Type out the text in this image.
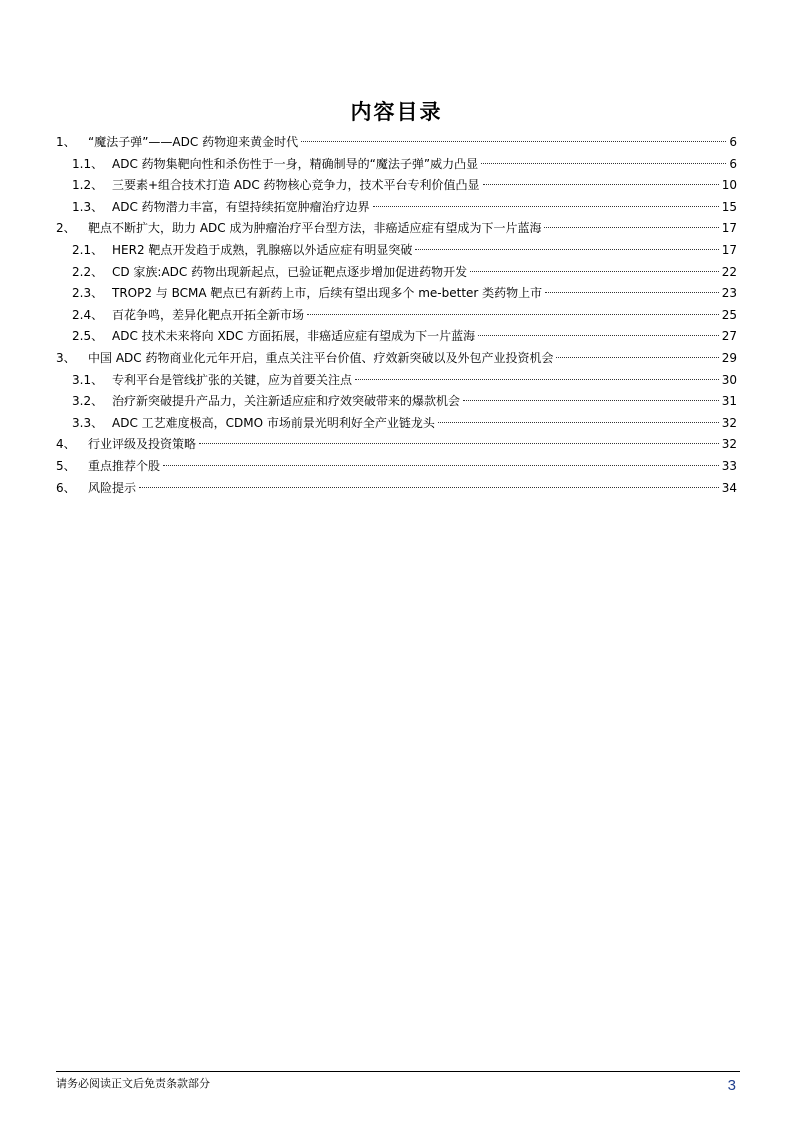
内容目录
1、	“魔法子弹”——ADC 药物迎来黄金时代	6
1.1、 ADC 药物集靶向性和杀伤性于一身，精确制导的“魔法子弹”威力凸显	6
1.2、 三要素+组合技术打造 ADC 药物核心竞争力，技术平台专利价值凸显	10
1.3、 ADC 药物潜力丰富，有望持续拓宽肿瘤治疗边界	15
2、	靶点不断扩大，助力 ADC 成为肿瘤治疗平台型方法，非癌适应症有望成为下一片蓝海	17
2.1、 HER2 靶点开发趋于成熟，乳腺癌以外适应症有明显突破	17
2.2、 CD 家族:ADC 药物出现新起点，已验证靶点逐步增加促进药物开发	22
2.3、 TROP2 与 BCMA 靶点已有新药上市，后续有望出现多个 me-better 类药物上市	23
2.4、 百花争鸣，差异化靶点开拓全新市场	25
2.5、 ADC 技术未来将向 XDC 方面拓展，非癌适应症有望成为下一片蓝海	27
3、	中国 ADC 药物商业化元年开启，重点关注平台价值、疗效新突破以及外包产业投资机会	29
3.1、 专利平台是管线扩张的关键，应为首要关注点	30
3.2、 治疗新突破提升产品力，关注新适应症和疗效突破带来的爆款机会	31
3.3、 ADC 工艺难度极高，CDMO 市场前景光明利好全产业链龙头	32
4、	行业评级及投资策略	32
5、	重点推荐个股	33
6、	风险提示	34
请务必阅读正文后免责条款部分	3
